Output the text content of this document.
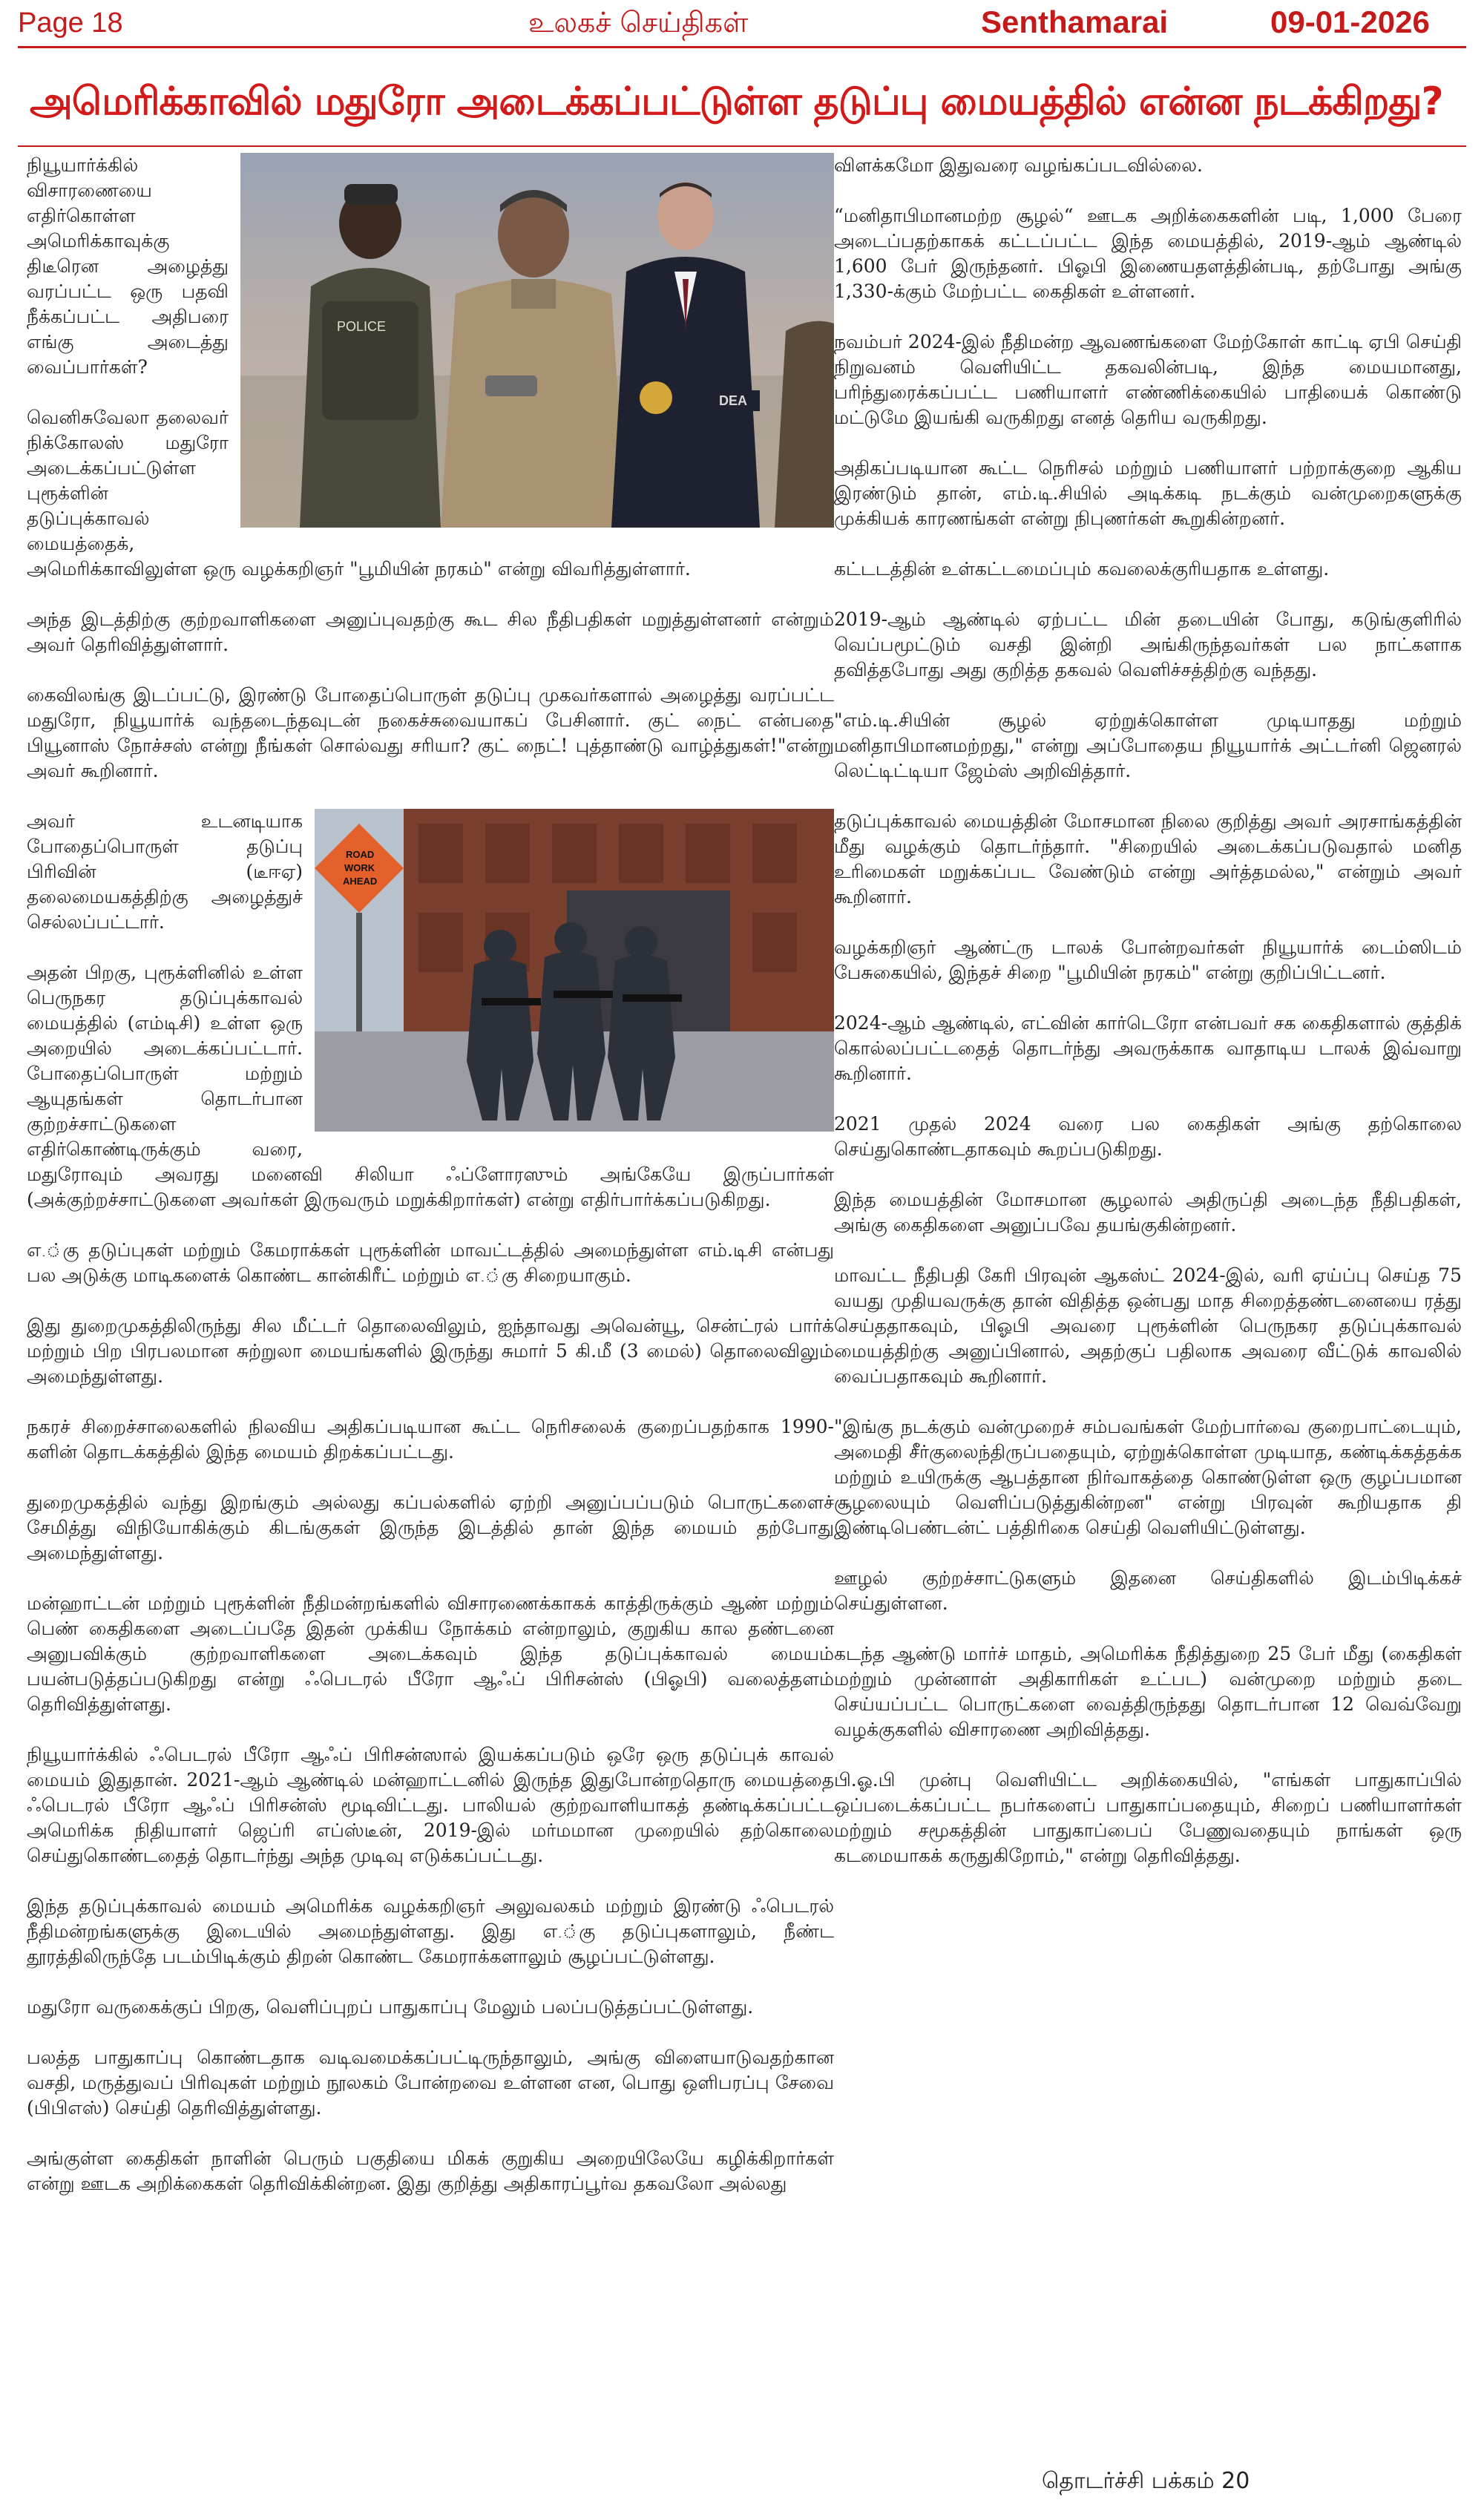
Page 18	உலகச் செய்திகள்	Senthamarai	09-01-2026
அமெரிக்காவில் மதுரோ அடைக்கப்பட்டுள்ள தடுப்பு மையத்தில் என்ன நடக்கிறது?
POLICE
DEA

நியூயார்க்கில் விசாரணையை எதிர்கொள்ள அமெரிக்காவுக்கு திடீரென அழைத்து வரப்பட்ட ஒரு பதவி நீக்கப்பட்ட அதிபரை எங்கு அடைத்து வைப்பார்கள்?

வெனிசுவேலா தலைவர் நிக்கோலஸ் மதுரோ அடைக்கப்பட்டுள்ள புரூக்ளின் தடுப்புக்காவல் மையத்தைக், அமெரிக்காவிலுள்ள ஒரு வழக்கறிஞர் "பூமியின் நரகம்" என்று விவரித்துள்ளார்.

அந்த இடத்திற்கு குற்றவாளிகளை அனுப்புவதற்கு கூட சில நீதிபதிகள் மறுத்துள்ளனர் என்றும் அவர் தெரிவித்துள்ளார்.

கைவிலங்கு இடப்பட்டு, இரண்டு போதைப்பொருள் தடுப்பு முகவர்களால் அழைத்து வரப்பட்ட மதுரோ, நியூயார்க் வந்தடைந்தவுடன் நகைச்சுவையாகப் பேசினார். குட் நைட் என்பதை பியூனாஸ் நோச்சஸ் என்று நீங்கள் சொல்வது சரியா? குட் நைட்! புத்தாண்டு வாழ்த்துகள்!"என்று அவர் கூறினார்.

ROAD
WORK
AHEAD

அவர் உடனடியாக போதைப்பொருள் தடுப்பு பிரிவின் (டீஈஏ) தலைமையகத்திற்கு அழைத்துச் செல்லப்பட்டார்.

அதன் பிறகு, புரூக்ளினில் உள்ள பெருநகர தடுப்புக்காவல் மையத்தில் (எம்டிசி) உள்ள ஒரு அறையில் அடைக்கப்பட்டார். போதைப்பொருள் மற்றும் ஆயுதங்கள் தொடர்பான குற்றச்சாட்டுகளை எதிர்கொண்டிருக்கும் வரை, மதுரோவும் அவரது மனைவி சிலியா ஃப்ளோரஸும் அங்கேயே இருப்பார்கள் (அக்குற்றச்சாட்டுகளை அவர்கள் இருவரும் மறுக்கிறார்கள்) என்று எதிர்பார்க்கப்படுகிறது.

எ.்கு தடுப்புகள் மற்றும் கேமராக்கள் புரூக்ளின் மாவட்டத்தில் அமைந்துள்ள எம்.டிசி என்பது பல அடுக்கு மாடிகளைக் கொண்ட கான்கிரீட் மற்றும் எ.்கு சிறையாகும்.

இது துறைமுகத்திலிருந்து சில மீட்டர் தொலைவிலும், ஐந்தாவது அவென்யூ, சென்ட்ரல் பார்க் மற்றும் பிற பிரபலமான சுற்றுலா மையங்களில் இருந்து சுமார் 5 கி.மீ (3 மைல்) தொலைவிலும் அமைந்துள்ளது.

நகரச் சிறைச்சாலைகளில் நிலவிய அதிகப்படியான கூட்ட நெரிசலைக் குறைப்பதற்காக 1990-களின் தொடக்கத்தில் இந்த மையம் திறக்கப்பட்டது.

துறைமுகத்தில் வந்து இறங்கும் அல்லது கப்பல்களில் ஏற்றி அனுப்பப்படும் பொருட்களைச் சேமித்து விநியோகிக்கும் கிடங்குகள் இருந்த இடத்தில் தான் இந்த மையம் தற்போது அமைந்துள்ளது.

மன்ஹாட்டன் மற்றும் புரூக்ளின் நீதிமன்றங்களில் விசாரணைக்காகக் காத்திருக்கும் ஆண் மற்றும் பெண் கைதிகளை அடைப்பதே இதன் முக்கிய நோக்கம் என்றாலும், குறுகிய கால தண்டனை அனுபவிக்கும் குற்றவாளிகளை அடைக்கவும் இந்த தடுப்புக்காவல் மையம் பயன்படுத்தப்படுகிறது என்று ஃபெடரல் பீரோ ஆஃப் பிரிசன்ஸ் (பிஓபி) வலைத்தளம் தெரிவித்துள்ளது.

நியூயார்க்கில் ஃபெடரல் பீரோ ஆஃப் பிரிசன்ஸால் இயக்கப்படும் ஒரே ஒரு தடுப்புக் காவல் மையம் இதுதான். 2021-ஆம் ஆண்டில் மன்ஹாட்டனில் இருந்த இதுபோன்றதொரு மையத்தை ஃபெடரல் பீரோ ஆஃப் பிரிசன்ஸ் மூடிவிட்டது. பாலியல் குற்றவாளியாகத் தண்டிக்கப்பட்ட அமெரிக்க நிதியாளர் ஜெப்ரி எப்ஸ்டீன், 2019-இல் மர்மமான முறையில் தற்கொலை செய்துகொண்டதைத் தொடர்ந்து அந்த முடிவு எடுக்கப்பட்டது.

இந்த தடுப்புக்காவல் மையம் அமெரிக்க வழக்கறிஞர் அலுவலகம் மற்றும் இரண்டு ஃபெடரல் நீதிமன்றங்களுக்கு இடையில் அமைந்துள்ளது. இது எ.்கு தடுப்புகளாலும், நீண்ட தூரத்திலிருந்தே படம்பிடிக்கும் திறன் கொண்ட கேமராக்களாலும் சூழப்பட்டுள்ளது.

மதுரோ வருகைக்குப் பிறகு, வெளிப்புறப் பாதுகாப்பு மேலும் பலப்படுத்தப்பட்டுள்ளது.

பலத்த பாதுகாப்பு கொண்டதாக வடிவமைக்கப்பட்டிருந்தாலும், அங்கு விளையாடுவதற்கான வசதி, மருத்துவப் பிரிவுகள் மற்றும் நூலகம் போன்றவை உள்ளன என, பொது ஒளிபரப்பு சேவை (பிபிஎஸ்) செய்தி தெரிவித்துள்ளது.

அங்குள்ள கைதிகள் நாளின் பெரும் பகுதியை மிகக் குறுகிய அறையிலேயே கழிக்கிறார்கள் என்று ஊடக அறிக்கைகள் தெரிவிக்கின்றன. இது குறித்து அதிகாரப்பூர்வ தகவலோ அல்லது

விளக்கமோ இதுவரை வழங்கப்படவில்லை.

“மனிதாபிமானமற்ற சூழல்“ ஊடக அறிக்கைகளின் படி, 1,000 பேரை அடைப்பதற்காகக் கட்டப்பட்ட இந்த மையத்தில், 2019-ஆம் ஆண்டில் 1,600 பேர் இருந்தனர். பிஓபி இணையதளத்தின்படி, தற்போது அங்கு 1,330-க்கும் மேற்பட்ட கைதிகள் உள்ளனர்.

நவம்பர் 2024-இல் நீதிமன்ற ஆவணங்களை மேற்கோள் காட்டி ஏபி செய்தி நிறுவனம் வெளியிட்ட தகவலின்படி, இந்த மையமானது, பரிந்துரைக்கப்பட்ட பணியாளர் எண்ணிக்கையில் பாதியைக் கொண்டு மட்டுமே இயங்கி வருகிறது எனத் தெரிய வருகிறது.

அதிகப்படியான கூட்ட நெரிசல் மற்றும் பணியாளர் பற்றாக்குறை ஆகிய இரண்டும் தான், எம்.டி.சியில் அடிக்கடி நடக்கும் வன்முறைகளுக்கு முக்கியக் காரணங்கள் என்று நிபுணர்கள் கூறுகின்றனர்.

கட்டடத்தின் உள்கட்டமைப்பும் கவலைக்குரியதாக உள்ளது.

2019-ஆம் ஆண்டில் ஏற்பட்ட மின் தடையின் போது, கடுங்குளிரில் வெப்பமூட்டும் வசதி இன்றி அங்கிருந்தவர்கள் பல நாட்களாக தவித்தபோது அது குறித்த தகவல் வெளிச்சத்திற்கு வந்தது.

"எம்.டி.சியின் சூழல் ஏற்றுக்கொள்ள முடியாதது மற்றும் மனிதாபிமானமற்றது," என்று அப்போதைய நியூயார்க் அட்டர்னி ஜெனரல் லெட்டிட்டியா ஜேம்ஸ் அறிவித்தார்.

தடுப்புக்காவல் மையத்தின் மோசமான நிலை குறித்து அவர் அரசாங்கத்தின் மீது வழக்கும் தொடர்ந்தார். "சிறையில் அடைக்கப்படுவதால் மனித உரிமைகள் மறுக்கப்பட வேண்டும் என்று அர்த்தமல்ல," என்றும் அவர் கூறினார்.

வழக்கறிஞர் ஆண்ட்ரு டாலக் போன்றவர்கள் நியூயார்க் டைம்ஸிடம் பேசுகையில், இந்தச் சிறை "பூமியின் நரகம்" என்று குறிப்பிட்டனர்.

2024-ஆம் ஆண்டில், எட்வின் கார்டெரோ என்பவர் சக கைதிகளால் குத்திக் கொல்லப்பட்டதைத் தொடர்ந்து அவருக்காக வாதாடிய டாலக் இவ்வாறு கூறினார்.

2021 முதல் 2024 வரை பல கைதிகள் அங்கு தற்கொலை செய்துகொண்டதாகவும் கூறப்படுகிறது.

இந்த மையத்தின் மோசமான சூழலால் அதிருப்தி அடைந்த நீதிபதிகள், அங்கு கைதிகளை அனுப்பவே தயங்குகின்றனர்.

மாவட்ட நீதிபதி கேரி பிரவுன் ஆகஸ்ட் 2024-இல், வரி ஏய்ப்பு செய்த 75 வயது முதியவருக்கு தான் விதித்த ஒன்பது மாத சிறைத்தண்டனையை ரத்து செய்ததாகவும், பிஓபி அவரை புரூக்ளின் பெருநகர தடுப்புக்காவல் மையத்திற்கு அனுப்பினால், அதற்குப் பதிலாக அவரை வீட்டுக் காவலில் வைப்பதாகவும் கூறினார்.

"இங்கு நடக்கும் வன்முறைச் சம்பவங்கள் மேற்பார்வை குறைபாட்டையும், அமைதி சீர்குலைந்திருப்பதையும், ஏற்றுக்கொள்ள முடியாத, கண்டிக்கத்தக்க மற்றும் உயிருக்கு ஆபத்தான நிர்வாகத்தை கொண்டுள்ள ஒரு குழப்பமான சூழலையும் வெளிப்படுத்துகின்றன" என்று பிரவுன் கூறியதாக தி இண்டிபெண்டன்ட் பத்திரிகை செய்தி வெளியிட்டுள்ளது.

ஊழல் குற்றச்சாட்டுகளும் இதனை செய்திகளில் இடம்பிடிக்கச் செய்துள்ளன.

கடந்த ஆண்டு மார்ச் மாதம், அமெரிக்க நீதித்துறை 25 பேர் மீது (கைதிகள் மற்றும் முன்னாள் அதிகாரிகள் உட்பட) வன்முறை மற்றும் தடை செய்யப்பட்ட பொருட்களை வைத்திருந்தது தொடர்பான 12 வெவ்வேறு வழக்குகளில் விசாரணை அறிவித்தது.

பி.ஓ.பி முன்பு வெளியிட்ட அறிக்கையில், "எங்கள் பாதுகாப்பில் ஒப்படைக்கப்பட்ட நபர்களைப் பாதுகாப்பதையும், சிறைப் பணியாளர்கள் மற்றும் சமூகத்தின் பாதுகாப்பைப் பேணுவதையும் நாங்கள் ஒரு கடமையாகக் கருதுகிறோம்," என்று தெரிவித்தது.

தொடர்ச்சி பக்கம் 20
